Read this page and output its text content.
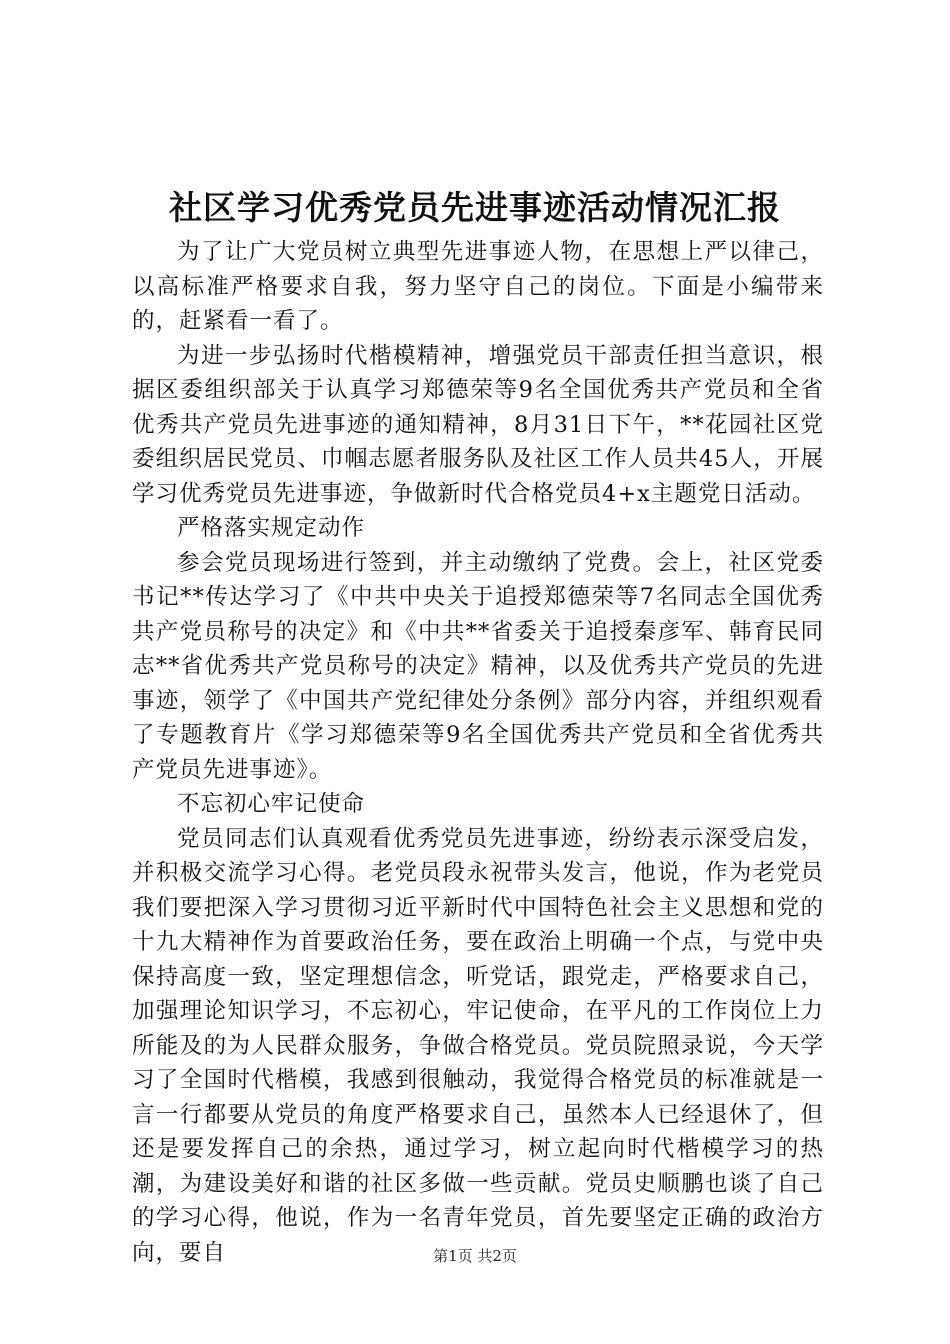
社区学习优秀党员先进事迹活动情况汇报

为了让广大党员树立典型先进事迹人物，在思想上严以律己，以高标准严格要求自我，努力坚守自己的岗位。下面是小编带来的，赶紧看一看了。

为进一步弘扬时代楷模精神，增强党员干部责任担当意识，根据区委组织部关于认真学习郑德荣等9名全国优秀共产党员和全省优秀共产党员先进事迹的通知精神，8月31日下午，**花园社区党委组织居民党员、巾帼志愿者服务队及社区工作人员共45人，开展学习优秀党员先进事迹，争做新时代合格党员4+x主题党日活动。

严格落实规定动作

参会党员现场进行签到，并主动缴纳了党费。会上，社区党委书记**传达学习了《中共中央关于追授郑德荣等7名同志全国优秀共产党员称号的决定》和《中共**省委关于追授秦彦军、韩育民同志**省优秀共产党员称号的决定》精神，以及优秀共产党员的先进事迹，领学了《中国共产党纪律处分条例》部分内容，并组织观看了专题教育片《学习郑德荣等9名全国优秀共产党员和全省优秀共产党员先进事迹》。

不忘初心牢记使命

党员同志们认真观看优秀党员先进事迹，纷纷表示深受启发，并积极交流学习心得。老党员段永祝带头发言，他说，作为老党员我们要把深入学习贯彻习近平新时代中国特色社会主义思想和党的十九大精神作为首要政治任务，要在政治上明确一个点，与党中央保持高度一致，坚定理想信念，听党话，跟党走，严格要求自己，加强理论知识学习，不忘初心，牢记使命，在平凡的工作岗位上力所能及的为人民群众服务，争做合格党员。党员院照录说，今天学习了全国时代楷模，我感到很触动，我觉得合格党员的标准就是一言一行都要从党员的角度严格要求自己，虽然本人已经退休了，但还是要发挥自己的余热，通过学习，树立起向时代楷模学习的热潮，为建设美好和谐的社区多做一些贡献。党员史顺鹏也谈了自己的学习心得，他说，作为一名青年党员，首先要坚定正确的政治方向，要自	第1页 共2页
